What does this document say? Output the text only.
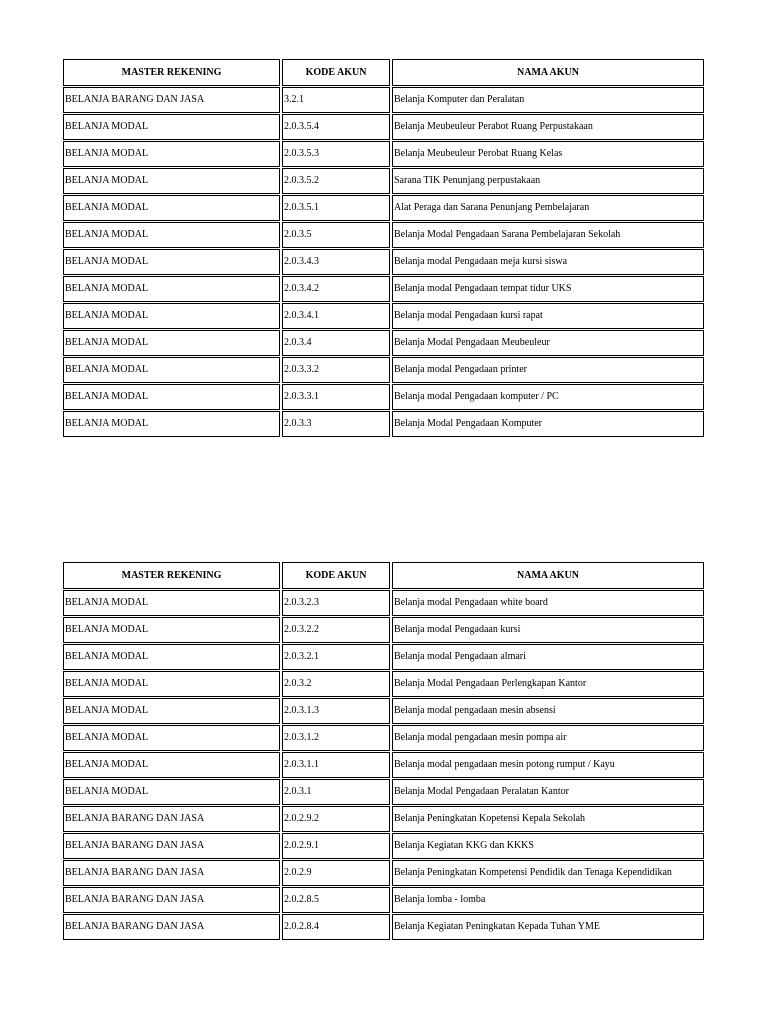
MASTER REKENING	KODE AKUN	NAMA AKUN
BELANJA BARANG DAN JASA	3.2.1	Belanja Komputer dan Peralatan
BELANJA MODAL	2.0.3.5.4	Belanja Meubeuleur Perabot Ruang Perpustakaan
BELANJA MODAL	2.0.3.5.3	Belanja Meubeuleur Perobat Ruang Kelas
BELANJA MODAL	2.0.3.5.2	Sarana TIK Penunjang perpustakaan
BELANJA MODAL	2.0.3.5.1	Alat Peraga dan Sarana Penunjang Pembelajaran
BELANJA MODAL	2.0.3.5	Belanja Modal Pengadaan Sarana Pembelajaran Sekolah
BELANJA MODAL	2.0.3.4.3	Belanja modal Pengadaan meja kursi siswa
BELANJA MODAL	2.0.3.4.2	Belanja modal Pengadaan tempat tidur UKS
BELANJA MODAL	2.0.3.4.1	Belanja modal Pengadaan kursi rapat
BELANJA MODAL	2.0.3.4	Belanja Modal Pengadaan Meubeuleur
BELANJA MODAL	2.0.3.3.2	Belanja modal Pengadaan printer
BELANJA MODAL	2.0.3.3.1	Belanja modal Pengadaan komputer / PC
BELANJA MODAL	2.0.3.3	Belanja Modal Pengadaan Komputer
MASTER REKENING	KODE AKUN	NAMA AKUN
BELANJA MODAL	2.0.3.2.3	Belanja modal Pengadaan white board
BELANJA MODAL	2.0.3.2.2	Belanja modal Pengadaan kursi
BELANJA MODAL	2.0.3.2.1	Belanja modal Pengadaan almari
BELANJA MODAL	2.0.3.2	Belanja Modal Pengadaan Perlengkapan Kantor
BELANJA MODAL	2.0.3.1.3	Belanja modal pengadaan mesin absensi
BELANJA MODAL	2.0.3.1.2	Belanja modal pengadaan mesin pompa air
BELANJA MODAL	2.0.3.1.1	Belanja modal pengadaan mesin potong rumput / Kayu
BELANJA MODAL	2.0.3.1	Belanja Modal Pengadaan Peralatan Kantor
BELANJA BARANG DAN JASA	2.0.2.9.2	Belanja Peningkatan Kopetensi Kepala Sekolah
BELANJA BARANG DAN JASA	2.0.2.9.1	Belanja Kegiatan KKG dan KKKS
BELANJA BARANG DAN JASA	2.0.2.9	Belanja Peningkatan Kompetensi Pendidik dan Tenaga Kependidikan
BELANJA BARANG DAN JASA	2.0.2.8.5	Belanja lomba - lomba
BELANJA BARANG DAN JASA	2.0.2.8.4	Belanja Kegiatan Peningkatan Kepada Tuhan YME
